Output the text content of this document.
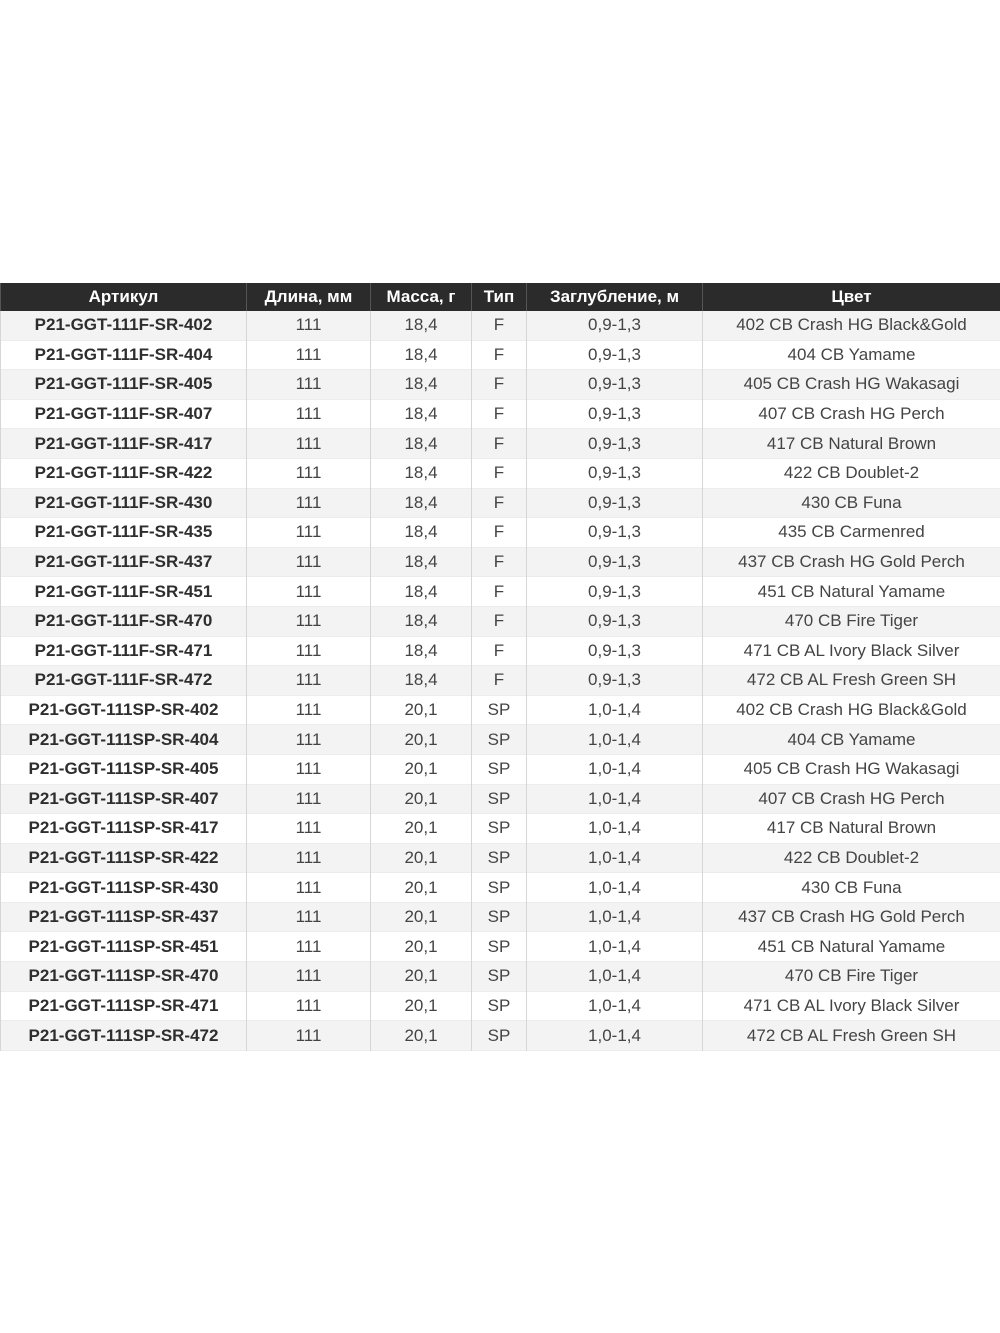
Артикул	Длина, мм	Масса, г	Тип	Заглубление, м	Цвет
P21-GGT-111F-SR-402	111	18,4	F	0,9-1,3	402 CB Crash HG Black&Gold
P21-GGT-111F-SR-404	111	18,4	F	0,9-1,3	404 CB Yamame
P21-GGT-111F-SR-405	111	18,4	F	0,9-1,3	405 CB Crash HG Wakasagi
P21-GGT-111F-SR-407	111	18,4	F	0,9-1,3	407 CB Crash HG Perch
P21-GGT-111F-SR-417	111	18,4	F	0,9-1,3	417 CB Natural Brown
P21-GGT-111F-SR-422	111	18,4	F	0,9-1,3	422 CB Doublet-2
P21-GGT-111F-SR-430	111	18,4	F	0,9-1,3	430 CB Funa
P21-GGT-111F-SR-435	111	18,4	F	0,9-1,3	435 CB Carmenred
P21-GGT-111F-SR-437	111	18,4	F	0,9-1,3	437 CB Crash HG Gold Perch
P21-GGT-111F-SR-451	111	18,4	F	0,9-1,3	451 CB Natural Yamame
P21-GGT-111F-SR-470	111	18,4	F	0,9-1,3	470 CB Fire Tiger
P21-GGT-111F-SR-471	111	18,4	F	0,9-1,3	471 CB AL Ivory Black Silver
P21-GGT-111F-SR-472	111	18,4	F	0,9-1,3	472 CB AL Fresh Green SH
P21-GGT-111SP-SR-402	111	20,1	SP	1,0-1,4	402 CB Crash HG Black&Gold
P21-GGT-111SP-SR-404	111	20,1	SP	1,0-1,4	404 CB Yamame
P21-GGT-111SP-SR-405	111	20,1	SP	1,0-1,4	405 CB Crash HG Wakasagi
P21-GGT-111SP-SR-407	111	20,1	SP	1,0-1,4	407 CB Crash HG Perch
P21-GGT-111SP-SR-417	111	20,1	SP	1,0-1,4	417 CB Natural Brown
P21-GGT-111SP-SR-422	111	20,1	SP	1,0-1,4	422 CB Doublet-2
P21-GGT-111SP-SR-430	111	20,1	SP	1,0-1,4	430 CB Funa
P21-GGT-111SP-SR-437	111	20,1	SP	1,0-1,4	437 CB Crash HG Gold Perch
P21-GGT-111SP-SR-451	111	20,1	SP	1,0-1,4	451 CB Natural Yamame
P21-GGT-111SP-SR-470	111	20,1	SP	1,0-1,4	470 CB Fire Tiger
P21-GGT-111SP-SR-471	111	20,1	SP	1,0-1,4	471 CB AL Ivory Black Silver
P21-GGT-111SP-SR-472	111	20,1	SP	1,0-1,4	472 CB AL Fresh Green SH
